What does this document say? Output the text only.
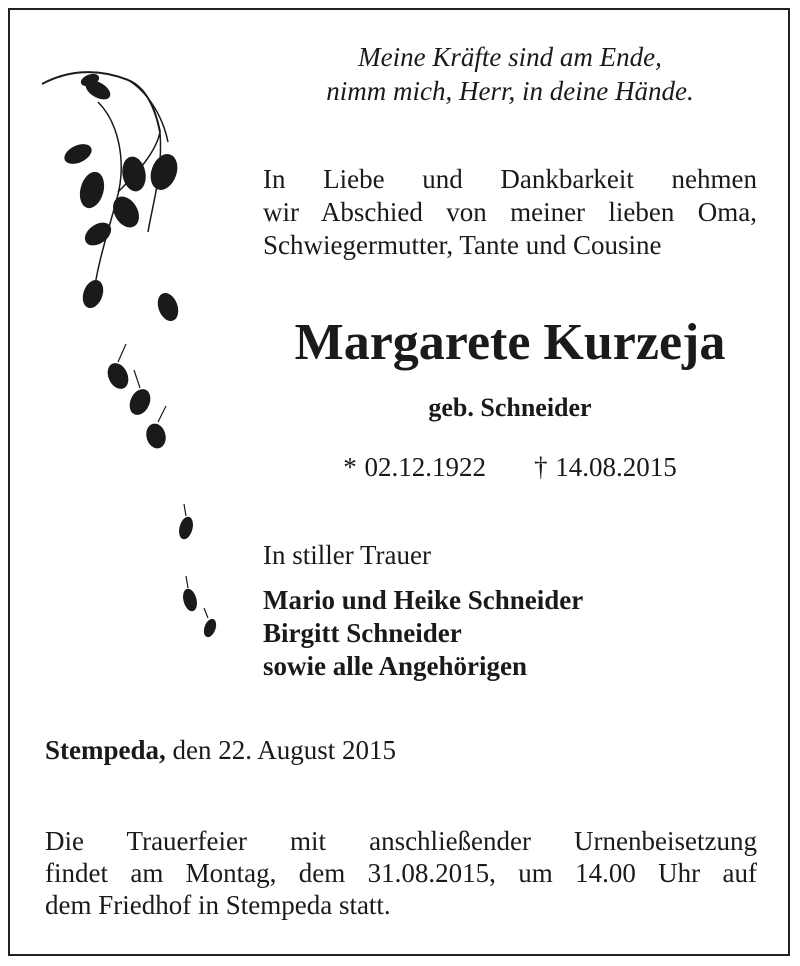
Meine Kräfte sind am Ende,
nimm mich, Herr, in deine Hände.
In Liebe und Dankbarkeit nehmen
wir Abschied von meiner lieben Oma,
Schwiegermutter, Tante und Cousine
Margarete Kurzeja
geb. Schneider
* 02.12.1922 † 14.08.2015
In stiller Trauer
Mario und Heike Schneider
Birgitt Schneider
sowie alle Angehörigen
Stempeda, den 22. August 2015
Die Trauerfeier mit anschließender Urnenbeisetzung
findet am Montag, dem 31.08.2015, um 14.00 Uhr auf
dem Friedhof in Stempeda statt.
